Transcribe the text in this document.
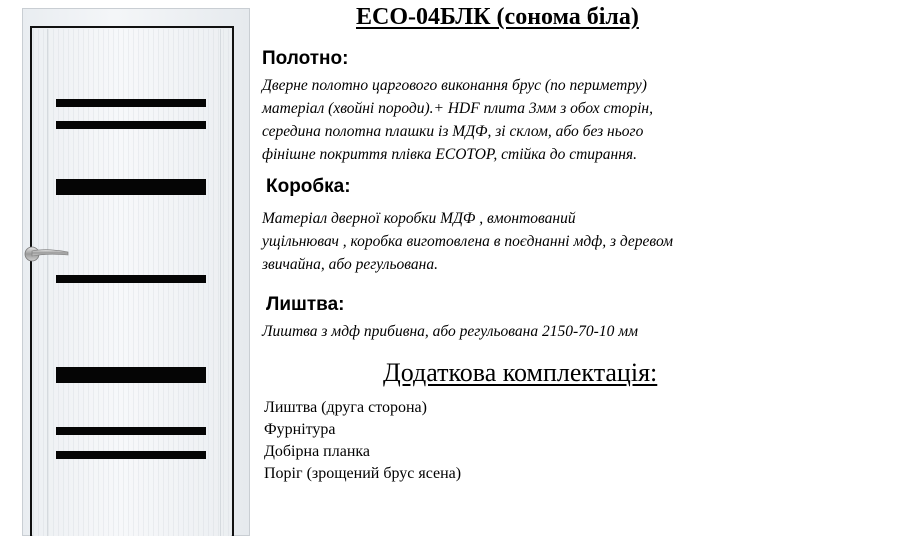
ECO-04БЛК (сонома біла)
Полотно:
Дверне полотно царгового виконання брус (по периметру)
матеріал (хвойні породи).+ HDF плита 3мм з обох сторін,
середина полотна плашки із МДФ, зі склом, або без нього
фінішне покриття плівка ECOTOP, стійка до стирання.
Коробка:
Матеріал дверної коробки МДФ , вмонтований
ущільнювач , коробка виготовлена в поєднанні мдф, з деревом
звичайна, або регульована.
Лиштва:
Лиштва з мдф прибивна, або регульована 2150-70-10 мм
Додаткова комплектація:
Лиштва (друга сторона)
Фурнітура
Добірна планка
Поріг (зрощений брус ясена)
